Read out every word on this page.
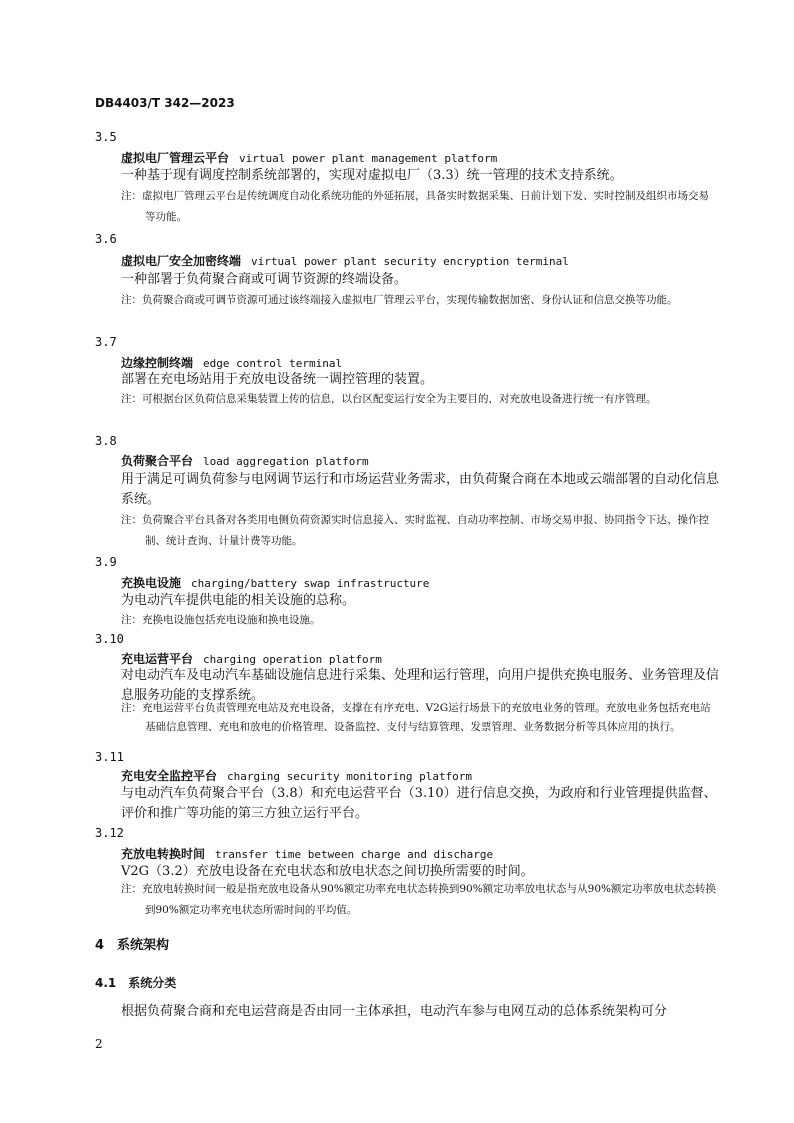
DB4403/T 342—2023
3.5
虚拟电厂管理云平台 virtual power plant management platform
一种基于现有调度控制系统部署的，实现对虚拟电厂（3.3）统一管理的技术支持系统。
注：虚拟电厂管理云平台是传统调度自动化系统功能的外延拓展，具备实时数据采集、日前计划下发、实时控制及组织市场交易等功能。
3.6
虚拟电厂安全加密终端 virtual power plant security encryption terminal
一种部署于负荷聚合商或可调节资源的终端设备。
注：负荷聚合商或可调节资源可通过该终端接入虚拟电厂管理云平台，实现传输数据加密、身份认证和信息交换等功能。
3.7
边缘控制终端 edge control terminal
部署在充电场站用于充放电设备统一调控管理的装置。
注：可根据台区负荷信息采集装置上传的信息，以台区配变运行安全为主要目的，对充放电设备进行统一有序管理。
3.8
负荷聚合平台 load aggregation platform
用于满足可调负荷参与电网调节运行和市场运营业务需求，由负荷聚合商在本地或云端部署的自动化信息系统。
注：负荷聚合平台具备对各类用电侧负荷资源实时信息接入、实时监视、自动功率控制、市场交易申报、协同指令下达、操作控制、统计查询、计量计费等功能。
3.9
充换电设施 charging/battery swap infrastructure
为电动汽车提供电能的相关设施的总称。
注：充换电设施包括充电设施和换电设施。
3.10
充电运营平台 charging operation platform
对电动汽车及电动汽车基础设施信息进行采集、处理和运行管理，向用户提供充换电服务、业务管理及信息服务功能的支撑系统。
注：充电运营平台负责管理充电站及充电设备，支撑在有序充电、V2G运行场景下的充放电业务的管理。充放电业务包括充电站基础信息管理、充电和放电的价格管理、设备监控、支付与结算管理、发票管理、业务数据分析等具体应用的执行。
3.11
充电安全监控平台 charging security monitoring platform
与电动汽车负荷聚合平台（3.8）和充电运营平台（3.10）进行信息交换，为政府和行业管理提供监督、评价和推广等功能的第三方独立运行平台。
3.12
充放电转换时间 transfer time between charge and discharge
V2G（3.2）充放电设备在充电状态和放电状态之间切换所需要的时间。
注：充放电转换时间一般是指充放电设备从90%额定功率充电状态转换到90%额定功率放电状态与从90%额定功率放电状态转换到90%额定功率充电状态所需时间的平均值。
4　系统架构
4.1　系统分类
根据负荷聚合商和充电运营商是否由同一主体承担，电动汽车参与电网互动的总体系统架构可分
2
